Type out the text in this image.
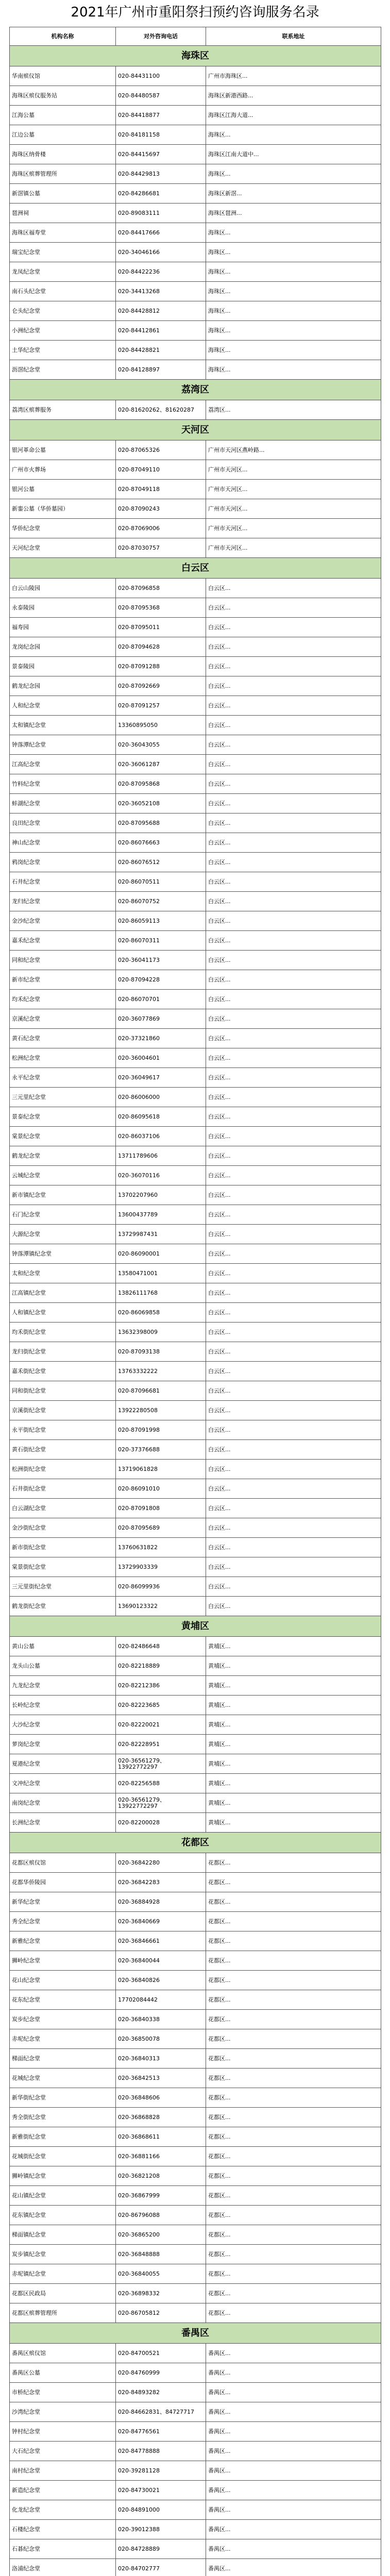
2021年广州市重阳祭扫预约咨询服务名录
机构名称	对外咨询电话	联系地址
海珠区		
华南殡仪馆	020-84431100	广州市海珠区...
海珠区殡仪服务站	020-84480587	海珠区新港西路...
江海公墓	020-84418877	海珠区江海大道...
江边公墓	020-84181158	海珠区...
海珠区纳骨楼	020-84415697	海珠区江南大道中...
海珠区殡葬管理所	020-84429813	海珠区...
新滘镇公墓	020-84286681	海珠区新滘...
琶洲祠	020-89083111	海珠区琶洲...
海珠区福寿堂	020-84417666	海珠区...
瑞宝纪念堂	020-34046166	海珠区...
龙凤纪念堂	020-84422236	海珠区...
南石头纪念堂	020-34413268	海珠区...
仑头纪念堂	020-84428812	海珠区...
小洲纪念堂	020-84412861	海珠区...
土华纪念堂	020-84428821	海珠区...
沥滘纪念堂	020-84128897	海珠区...
荔湾区		
荔湾区殡葬服务	020-81620262、81620287	荔湾区...
天河区		
银河革命公墓	020-87065326	广州市天河区燕岭路...
广州市火葬场	020-87049110	广州市天河区...
银河公墓	020-87049118	广州市天河区...
新銮公墓（华侨墓园）	020-87090243	广州市天河区...
华侨纪念堂	020-87069006	广州市天河区...
天河纪念堂	020-87030757	广州市天河区...
白云区		
白云山陵园	020-87096858	白云区...
永泰陵园	020-87095368	白云区...
福寿园	020-87095011	白云区...
龙岗纪念园	020-87094628	白云区...
景泰陵园	020-87091288	白云区...
鹤龙纪念园	020-87092669	白云区...
人和纪念堂	020-87091257	白云区...
太和镇纪念堂	13360895050	白云区...
钟落潭纪念堂	020-36043055	白云区...
江高纪念堂	020-36061287	白云区...
竹料纪念堂	020-87095868	白云区...
蚌湖纪念堂	020-36052108	白云区...
良田纪念堂	020-87095688	白云区...
神山纪念堂	020-86076663	白云区...
鸦岗纪念堂	020-86076512	白云区...
石井纪念堂	020-86070511	白云区...
龙归纪念堂	020-86070752	白云区...
金沙纪念堂	020-86059113	白云区...
嘉禾纪念堂	020-86070311	白云区...
同和纪念堂	020-36041173	白云区...
新市纪念堂	020-87094228	白云区...
均禾纪念堂	020-86070701	白云区...
京溪纪念堂	020-36077869	白云区...
黄石纪念堂	020-37321860	白云区...
松洲纪念堂	020-36004601	白云区...
永平纪念堂	020-36049617	白云区...
三元里纪念堂	020-86006000	白云区...
景泰纪念堂	020-86095618	白云区...
棠景纪念堂	020-86037106	白云区...
鹤龙纪念堂	13711789606	白云区...
云城纪念堂	020-36070116	白云区...
新市镇纪念堂	13702207960	白云区...
石门纪念堂	13600437789	白云区...
大源纪念堂	13729987431	白云区...
钟落潭镇纪念堂	020-86090001	白云区...
太和纪念堂	13580471001	白云区...
江高镇纪念堂	13826111768	白云区...
人和镇纪念堂	020-86069858	白云区...
均禾街纪念堂	13632398009	白云区...
龙归街纪念堂	020-87093138	白云区...
嘉禾街纪念堂	13763332222	白云区...
同和街纪念堂	020-87096681	白云区...
京溪街纪念堂	13922280508	白云区...
永平街纪念堂	020-87091998	白云区...
黄石街纪念堂	020-37376688	白云区...
松洲街纪念堂	13719061828	白云区...
石井街纪念堂	020-86091010	白云区...
白云湖纪念堂	020-87091808	白云区...
金沙街纪念堂	020-87095689	白云区...
新市街纪念堂	13760631822	白云区...
棠景街纪念堂	13729903339	白云区...
三元里街纪念堂	020-86099936	白云区...
鹤龙街纪念堂	13690123322	白云区...
黄埔区		
黄山公墓	020-82486648	黄埔区...
龙头山公墓	020-82218889	黄埔区...
九龙纪念堂	020-82212386	黄埔区...
长岭纪念堂	020-82223685	黄埔区...
大沙纪念堂	020-82220021	黄埔区...
萝岗纪念堂	020-82228951	黄埔区...
夏港纪念堂	020-36561279、13922772297	黄埔区...
文冲纪念堂	020-82256588	黄埔区...
南岗纪念堂	020-36561279、13922772297	黄埔区...
长洲纪念堂	020-82200028	黄埔区...
花都区		
花都区殡仪馆	020-36842280	花都区...
花都华侨陵园	020-36842283	花都区...
新华纪念堂	020-36884928	花都区...
秀全纪念堂	020-36840669	花都区...
新雅纪念堂	020-36846661	花都区...
狮岭纪念堂	020-36840044	花都区...
花山纪念堂	020-36840826	花都区...
花东纪念堂	17702084442	花都区...
炭步纪念堂	020-36840338	花都区...
赤坭纪念堂	020-36850078	花都区...
梯面纪念堂	020-36840313	花都区...
花城纪念堂	020-36842513	花都区...
新华街纪念堂	020-36848606	花都区...
秀全街纪念堂	020-36868828	花都区...
新雅街纪念堂	020-36868611	花都区...
花城街纪念堂	020-36881166	花都区...
狮岭镇纪念堂	020-36821208	花都区...
花山镇纪念堂	020-36867999	花都区...
花东镇纪念堂	020-86796088	花都区...
梯面镇纪念堂	020-36865200	花都区...
炭步镇纪念堂	020-36848888	花都区...
赤坭镇纪念堂	020-36840055	花都区...
花都区民政局	020-36898332	花都区...
花都区殡葬管理所	020-86705812	花都区...
番禺区		
番禺区殡仪馆	020-84700521	番禺区...
番禺区公墓	020-84760999	番禺区...
市桥纪念堂	020-84893282	番禺区...
沙湾纪念堂	020-84662831、84727717	番禺区...
钟村纪念堂	020-84776561	番禺区...
大石纪念堂	020-84778888	番禺区...
南村纪念堂	020-39281128	番禺区...
新造纪念堂	020-84730021	番禺区...
化龙纪念堂	020-84891000	番禺区...
石楼纪念堂	020-39012388	番禺区...
石碁纪念堂	020-84728889	番禺区...
洛浦纪念堂	020-84702777	番禺区...
